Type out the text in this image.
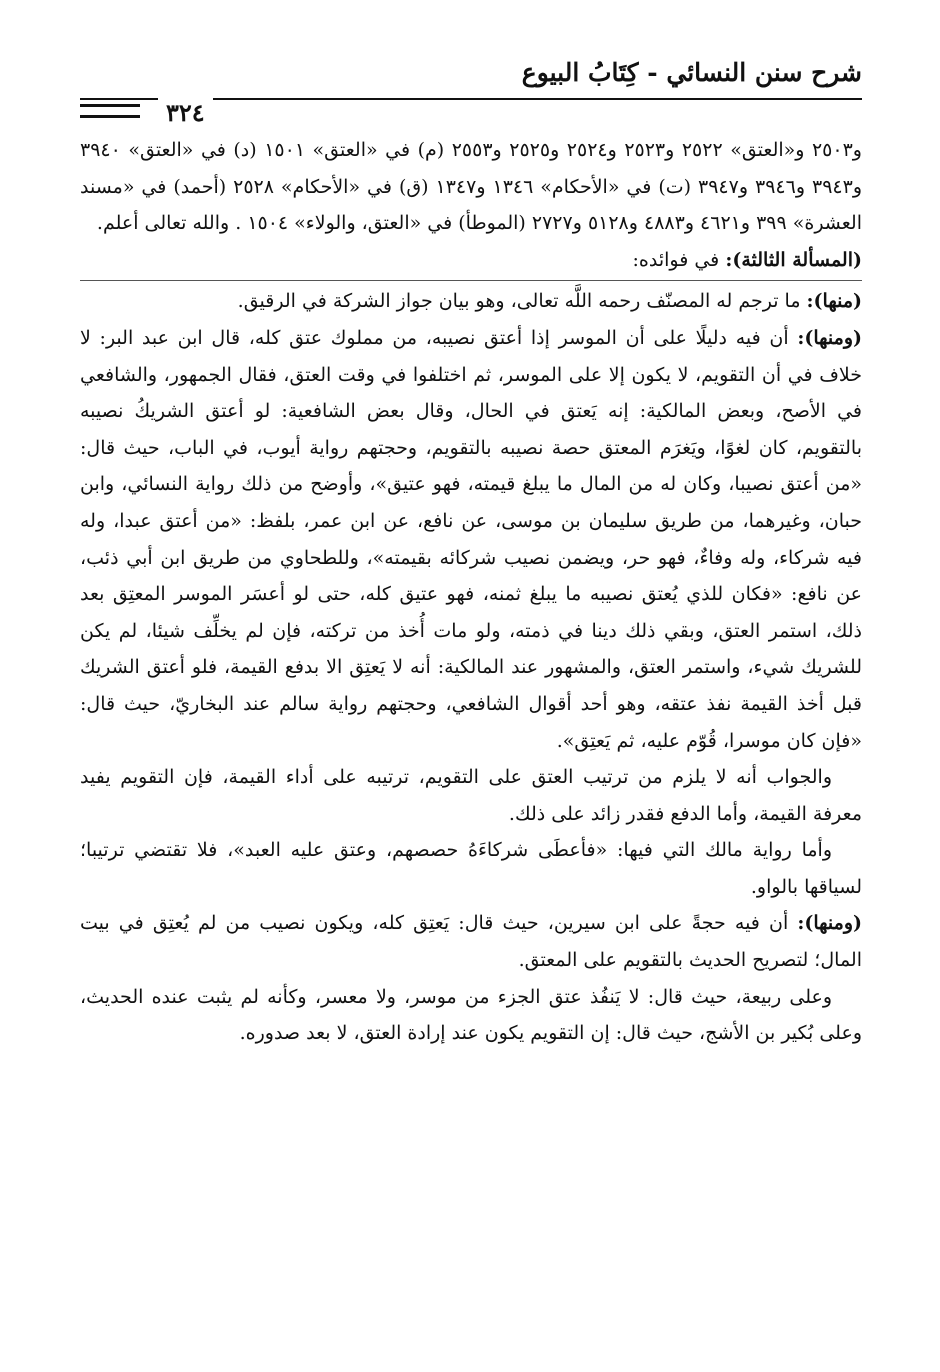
شرح سنن النسائي - كِتَابُ البيوع
٣٢٤

و٢٥٠٣ و«العتق» ٢٥٢٢ و٢٥٢٣ و٢٥٢٤ و٢٥٢٥ و٢٥٥٣ (م) في «العتق» ١٥٠١ (د) في «العتق» ٣٩٤٠ و٣٩٤٣ و٣٩٤٦ و٣٩٤٧ (ت) في «الأحكام» ١٣٤٦ و١٣٤٧ (ق) في «الأحكام» ٢٥٢٨ (أحمد) في «مسند العشرة» ٣٩٩ و٤٦٢١ و٤٨٨٣ و٥١٢٨ و٢٧٢٧ (الموطأ) في «العتق، والولاء» ١٥٠٤ . والله تعالى أعلم.

(المسألة الثالثة): في فوائده:

(منها): ما ترجم له المصنّف رحمه اللَّه تعالى، وهو بيان جواز الشركة في الرقيق.

(ومنها): أن فيه دليلًا على أن الموسر إذا أعتق نصيبه، من مملوك عتق كله، قال ابن عبد البر: لا خلاف في أن التقويم، لا يكون إلا على الموسر، ثم اختلفوا في وقت العتق، فقال الجمهور، والشافعي في الأصح، وبعض المالكية: إنه يَعتق في الحال، وقال بعض الشافعية: لو أعتق الشريكُ نصيبه بالتقويم، كان لغوًا، ويَغرَم المعتق حصة نصيبه بالتقويم، وحجتهم رواية أيوب، في الباب، حيث قال: «من أعتق نصيبا، وكان له من المال ما يبلغ قيمته، فهو عتيق»، وأوضح من ذلك رواية النسائي، وابن حبان، وغيرهما، من طريق سليمان بن موسى، عن نافع، عن ابن عمر، بلفظ: «من أعتق عبدا، وله فيه شركاء، وله وفاءٌ، فهو حر، ويضمن نصيب شركائه بقيمته»، وللطحاوي من طريق ابن أبي ذئب، عن نافع: «فكان للذي يُعتق نصيبه ما يبلغ ثمنه، فهو عتيق كله، حتى لو أعسَر الموسر المعتِق بعد ذلك، استمر العتق، وبقي ذلك دينا في ذمته، ولو مات أُخذ من تركته، فإن لم يخلِّف شيئا، لم يكن للشريك شيء، واستمر العتق، والمشهور عند المالكية: أنه لا يَعتِق الا بدفع القيمة، فلو أعتق الشريك قبل أخذ القيمة نفذ عتقه، وهو أحد أقوال الشافعي، وحجتهم رواية سالم عند البخاريّ، حيث قال: «فإن كان موسرا، قُوّم عليه، ثم يَعتِق».

والجواب أنه لا يلزم من ترتيب العتق على التقويم، ترتيبه على أداء القيمة، فإن التقويم يفيد معرفة القيمة، وأما الدفع فقدر زائد على ذلك.

وأما رواية مالك التي فيها: «فأعطَى شركاءَهُ حصصهم، وعتق عليه العبد»، فلا تقتضي ترتيبا؛ لسياقها بالواو.

(ومنها): أن فيه حجةً على ابن سيرين، حيث قال: يَعتِق كله، ويكون نصيب من لم يُعتِق في بيت المال؛ لتصريح الحديث بالتقويم على المعتق.

وعلى ربيعة، حيث قال: لا يَنفُذ عتق الجزء من موسر، ولا معسر، وكأنه لم يثبت عنده الحديث، وعلى بُكير بن الأشج، حيث قال: إن التقويم يكون عند إرادة العتق، لا بعد صدوره.
